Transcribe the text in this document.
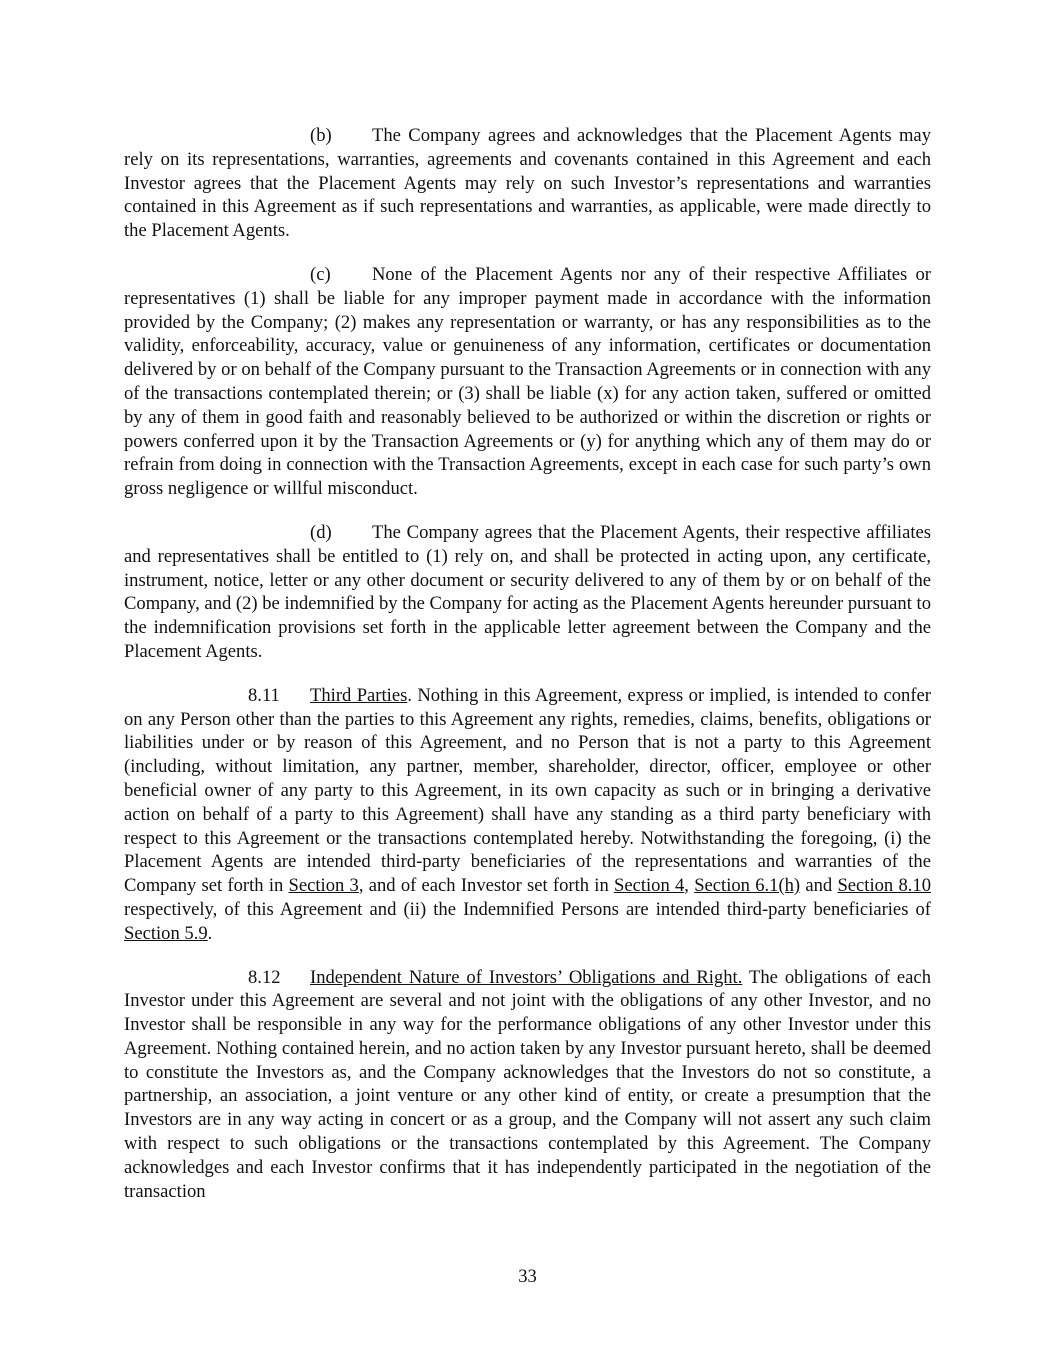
(b) The Company agrees and acknowledges that the Placement Agents may rely on its representations, warranties, agreements and covenants contained in this Agreement and each Investor agrees that the Placement Agents may rely on such Investor’s representations and warranties contained in this Agreement as if such representations and warranties, as applicable, were made directly to the Placement Agents.

(c) None of the Placement Agents nor any of their respective Affiliates or representatives (1) shall be liable for any improper payment made in accordance with the information provided by the Company; (2) makes any representation or warranty, or has any responsibilities as to the validity, enforceability, accuracy, value or genuineness of any information, certificates or documentation delivered by or on behalf of the Company pursuant to the Transaction Agreements or in connection with any of the transactions contemplated therein; or (3) shall be liable (x) for any action taken, suffered or omitted by any of them in good faith and reasonably believed to be authorized or within the discretion or rights or powers conferred upon it by the Transaction Agreements or (y) for anything which any of them may do or refrain from doing in connection with the Transaction Agreements, except in each case for such party’s own gross negligence or willful misconduct.

(d) The Company agrees that the Placement Agents, their respective affiliates and representatives shall be entitled to (1) rely on, and shall be protected in acting upon, any certificate, instrument, notice, letter or any other document or security delivered to any of them by or on behalf of the Company, and (2) be indemnified by the Company for acting as the Placement Agents hereunder pursuant to the indemnification provisions set forth in the applicable letter agreement between the Company and the Placement Agents.

8.11 Third Parties. Nothing in this Agreement, express or implied, is intended to confer on any Person other than the parties to this Agreement any rights, remedies, claims, benefits, obligations or liabilities under or by reason of this Agreement, and no Person that is not a party to this Agreement (including, without limitation, any partner, member, shareholder, director, officer, employee or other beneficial owner of any party to this Agreement, in its own capacity as such or in bringing a derivative action on behalf of a party to this Agreement) shall have any standing as a third party beneficiary with respect to this Agreement or the transactions contemplated hereby. Notwithstanding the foregoing, (i) the Placement Agents are intended third-party beneficiaries of the representations and warranties of the Company set forth in Section 3, and of each Investor set forth in Section 4, Section 6.1(h) and Section 8.10 respectively, of this Agreement and (ii) the Indemnified Persons are intended third-party beneficiaries of Section 5.9.

8.12 Independent Nature of Investors’ Obligations and Right. The obligations of each Investor under this Agreement are several and not joint with the obligations of any other Investor, and no Investor shall be responsible in any way for the performance obligations of any other Investor under this Agreement. Nothing contained herein, and no action taken by any Investor pursuant hereto, shall be deemed to constitute the Investors as, and the Company acknowledges that the Investors do not so constitute, a partnership, an association, a joint venture or any other kind of entity, or create a presumption that the Investors are in any way acting in concert or as a group, and the Company will not assert any such claim with respect to such obligations or the transactions contemplated by this Agreement. The Company acknowledges and each Investor confirms that it has independently participated in the negotiation of the transaction

33
